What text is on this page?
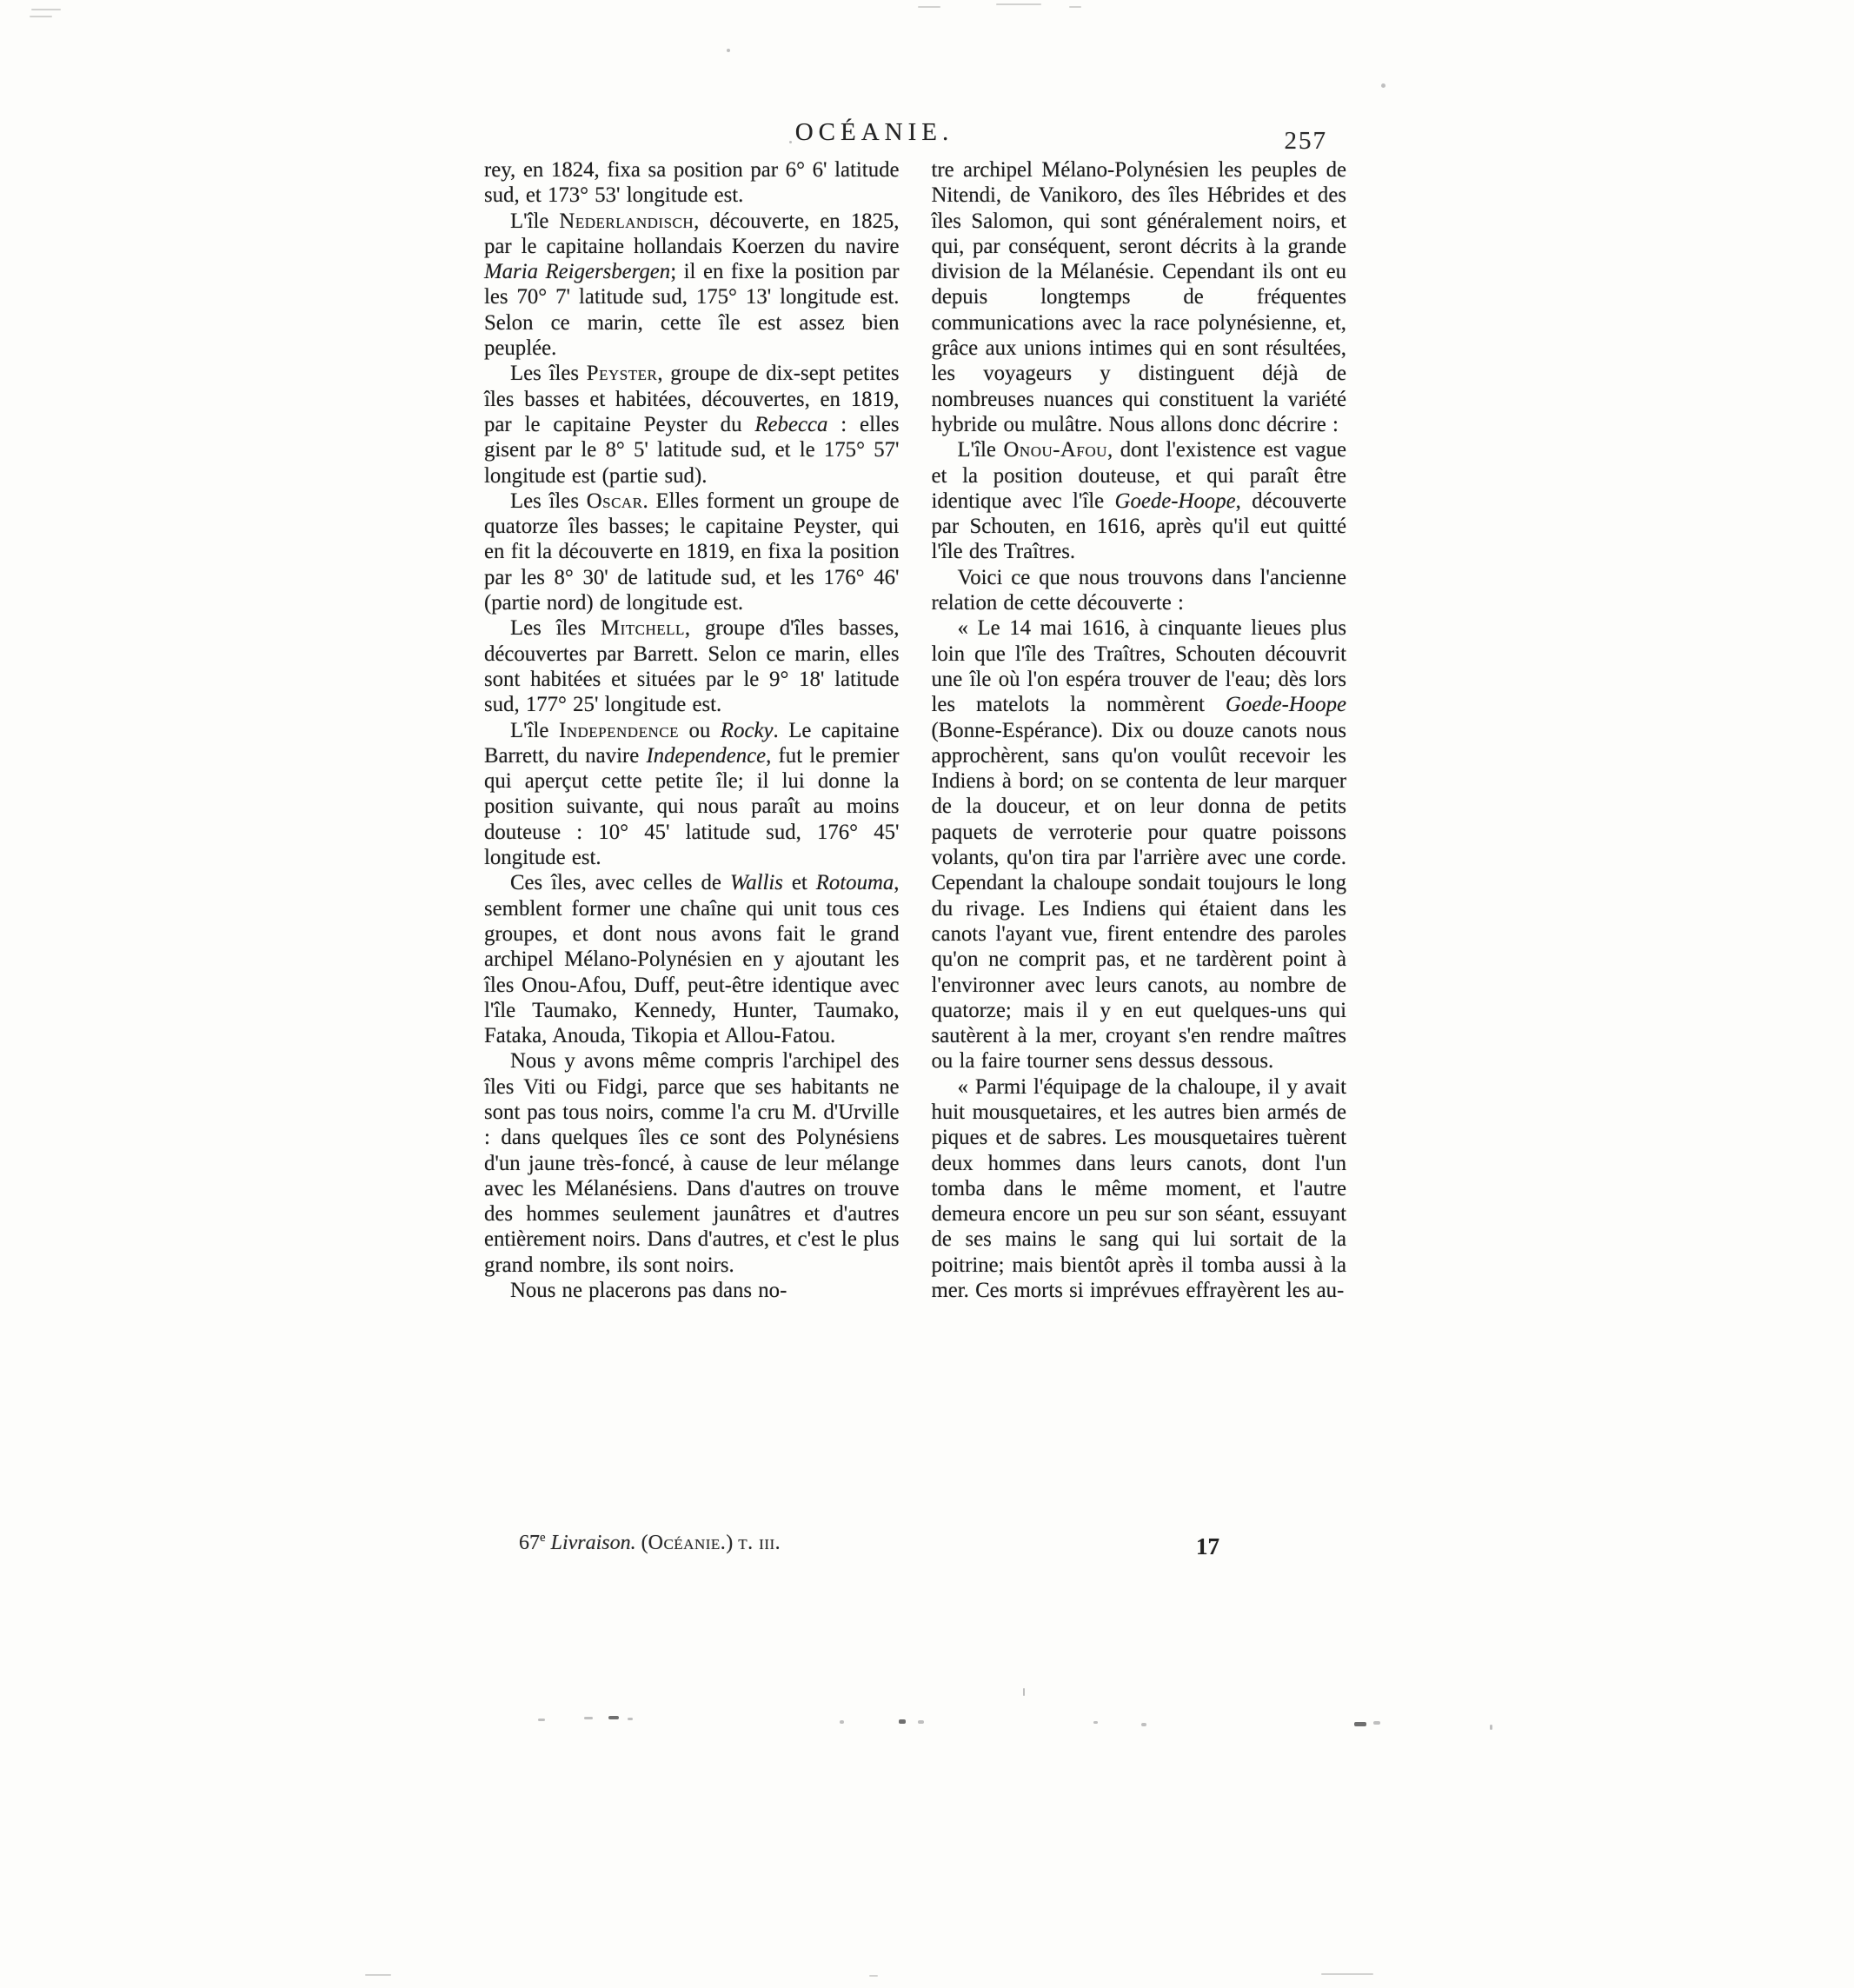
OCÉANIE.	257

rey, en 1824, fixa sa position par 6° 6' latitude sud, et 173° 53' longitude est.

L'île Nederlandisch, découverte, en 1825, par le capitaine hollandais Koerzen du navire Maria Reigersbergen; il en fixe la position par les 70° 7' latitude sud, 175° 13' longitude est. Selon ce marin, cette île est assez bien peuplée.

Les îles Peyster, groupe de dix-sept petites îles basses et habitées, découvertes, en 1819, par le capitaine Peyster du Rebecca : elles gisent par le 8° 5' latitude sud, et le 175° 57' longitude est (partie sud).

Les îles Oscar. Elles forment un groupe de quatorze îles basses; le capitaine Peyster, qui en fit la découverte en 1819, en fixa la position par les 8° 30' de latitude sud, et les 176° 46' (partie nord) de longitude est.

Les îles Mitchell, groupe d'îles basses, découvertes par Barrett. Selon ce marin, elles sont habitées et situées par le 9° 18' latitude sud, 177° 25' longitude est.

L'île Independence ou Rocky. Le capitaine Barrett, du navire Independence, fut le premier qui aperçut cette petite île; il lui donne la position suivante, qui nous paraît au moins douteuse : 10° 45' latitude sud, 176° 45' longitude est.

Ces îles, avec celles de Wallis et Rotouma, semblent former une chaîne qui unit tous ces groupes, et dont nous avons fait le grand archipel Mélano-Polynésien en y ajoutant les îles Onou-Afou, Duff, peut-être identique avec l'île Taumako, Kennedy, Hunter, Taumako, Fataka, Anouda, Tikopia et Allou-Fatou.

Nous y avons même compris l'archipel des îles Viti ou Fidgi, parce que ses habitants ne sont pas tous noirs, comme l'a cru M. d'Urville : dans quelques îles ce sont des Polynésiens d'un jaune très-foncé, à cause de leur mélange avec les Mélanésiens. Dans d'autres on trouve des hommes seulement jaunâtres et d'autres entièrement noirs. Dans d'autres, et c'est le plus grand nombre, ils sont noirs.

Nous ne placerons pas dans no-

tre archipel Mélano-Polynésien les peuples de Nitendi, de Vanikoro, des îles Hébrides et des îles Salomon, qui sont généralement noirs, et qui, par conséquent, seront décrits à la grande division de la Mélanésie. Cependant ils ont eu depuis longtemps de fréquentes communications avec la race polynésienne, et, grâce aux unions intimes qui en sont résultées, les voyageurs y distinguent déjà de nombreuses nuances qui constituent la variété hybride ou mulâtre. Nous allons donc décrire :

L'île Onou-Afou, dont l'existence est vague et la position douteuse, et qui paraît être identique avec l'île Goede-Hoope, découverte par Schouten, en 1616, après qu'il eut quitté l'île des Traîtres.

Voici ce que nous trouvons dans l'ancienne relation de cette découverte :

« Le 14 mai 1616, à cinquante lieues plus loin que l'île des Traîtres, Schouten découvrit une île où l'on espéra trouver de l'eau; dès lors les matelots la nommèrent Goede-Hoope (Bonne-Espérance). Dix ou douze canots nous approchèrent, sans qu'on voulût recevoir les Indiens à bord; on se contenta de leur marquer de la douceur, et on leur donna de petits paquets de verroterie pour quatre poissons volants, qu'on tira par l'arrière avec une corde. Cependant la chaloupe sondait toujours le long du rivage. Les Indiens qui étaient dans les canots l'ayant vue, firent entendre des paroles qu'on ne comprit pas, et ne tardèrent point à l'environner avec leurs canots, au nombre de quatorze; mais il y en eut quelques-uns qui sautèrent à la mer, croyant s'en rendre maîtres ou la faire tourner sens dessus dessous.

« Parmi l'équipage de la chaloupe, il y avait huit mousquetaires, et les autres bien armés de piques et de sabres. Les mousquetaires tuèrent deux hommes dans leurs canots, dont l'un tomba dans le même moment, et l'autre demeura encore un peu sur son séant, essuyant de ses mains le sang qui lui sortait de la poitrine; mais bientôt après il tomba aussi à la mer. Ces morts si imprévues effrayèrent les au-

67e Livraison. (Océanie.) t. iii.	17
